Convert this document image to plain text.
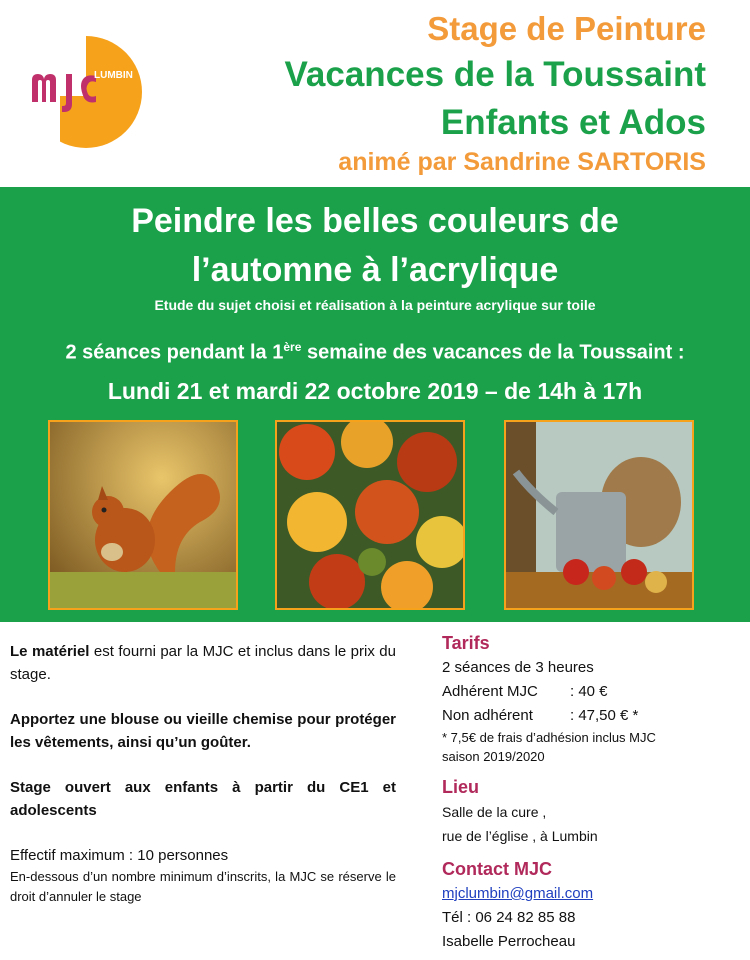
LUMBIN
Stage de Peinture
Vacances de la Toussaint
Enfants et Ados
animé par Sandrine SARTORIS
Peindre les belles couleurs de
l’automne à l’acrylique
Etude du sujet choisi et réalisation à la peinture acrylique sur toile
2 séances pendant la 1ère semaine des vacances de la Toussaint :
Lundi 21 et mardi 22 octobre 2019 – de 14h à 17h

Le matériel est fourni par la MJC et inclus dans le prix du stage.

Apportez une blouse ou vieille chemise pour protéger les vêtements, ainsi qu’un goûter.

Stage ouvert aux enfants à partir du CE1 et adolescents

Effectif maximum : 10 personnes

En-dessous d’un nombre minimum d’inscrits, la MJC se réserve le droit d’annuler le stage

Tarifs
2 séances de 3 heures
Adhérent MJC : 40 €
Non adhérent : 47,50 € *
* 7,5€ de frais d’adhésion inclus MJC
saison 2019/2020
Lieu
Salle de la cure ,
rue de l’église , à Lumbin
Contact MJC
mjclumbin@gmail.com
Tél : 06 24 82 85 88
Isabelle Perrocheau
